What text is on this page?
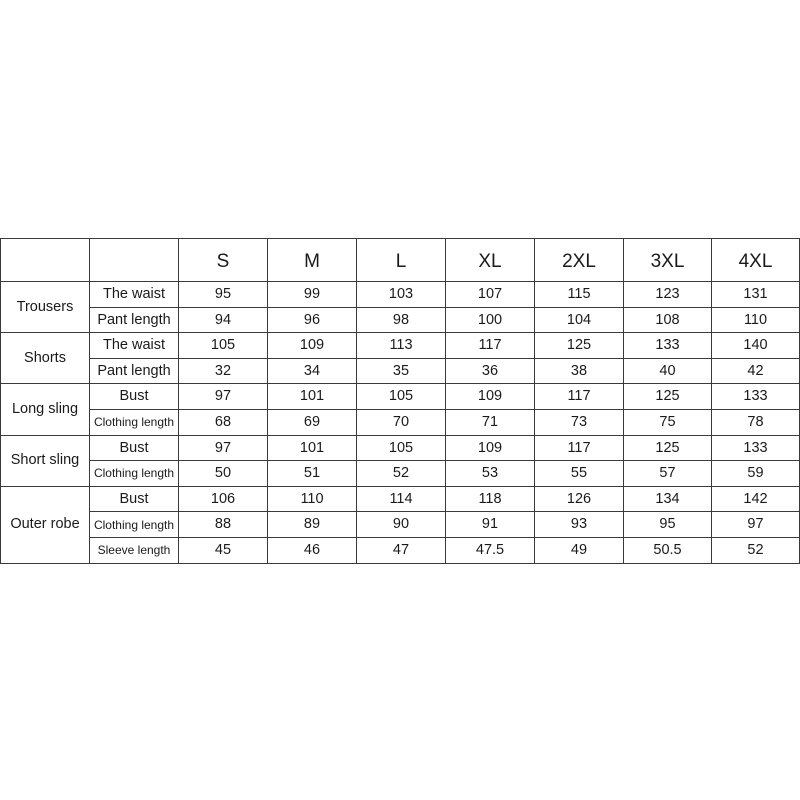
		S	M	L	XL	2XL	3XL	4XL
Trousers	The waist	95	99	103	107	115	123	131
	Pant length	94	96	98	100	104	108	110
Shorts	The waist	105	109	113	117	125	133	140
	Pant length	32	34	35	36	38	40	42
Long sling	Bust	97	101	105	109	117	125	133
	Clothing length	68	69	70	71	73	75	78
Short sling	Bust	97	101	105	109	117	125	133
	Clothing length	50	51	52	53	55	57	59
Outer robe	Bust	106	110	114	118	126	134	142
	Clothing length	88	89	90	91	93	95	97
	Sleeve length	45	46	47	47.5	49	50.5	52
